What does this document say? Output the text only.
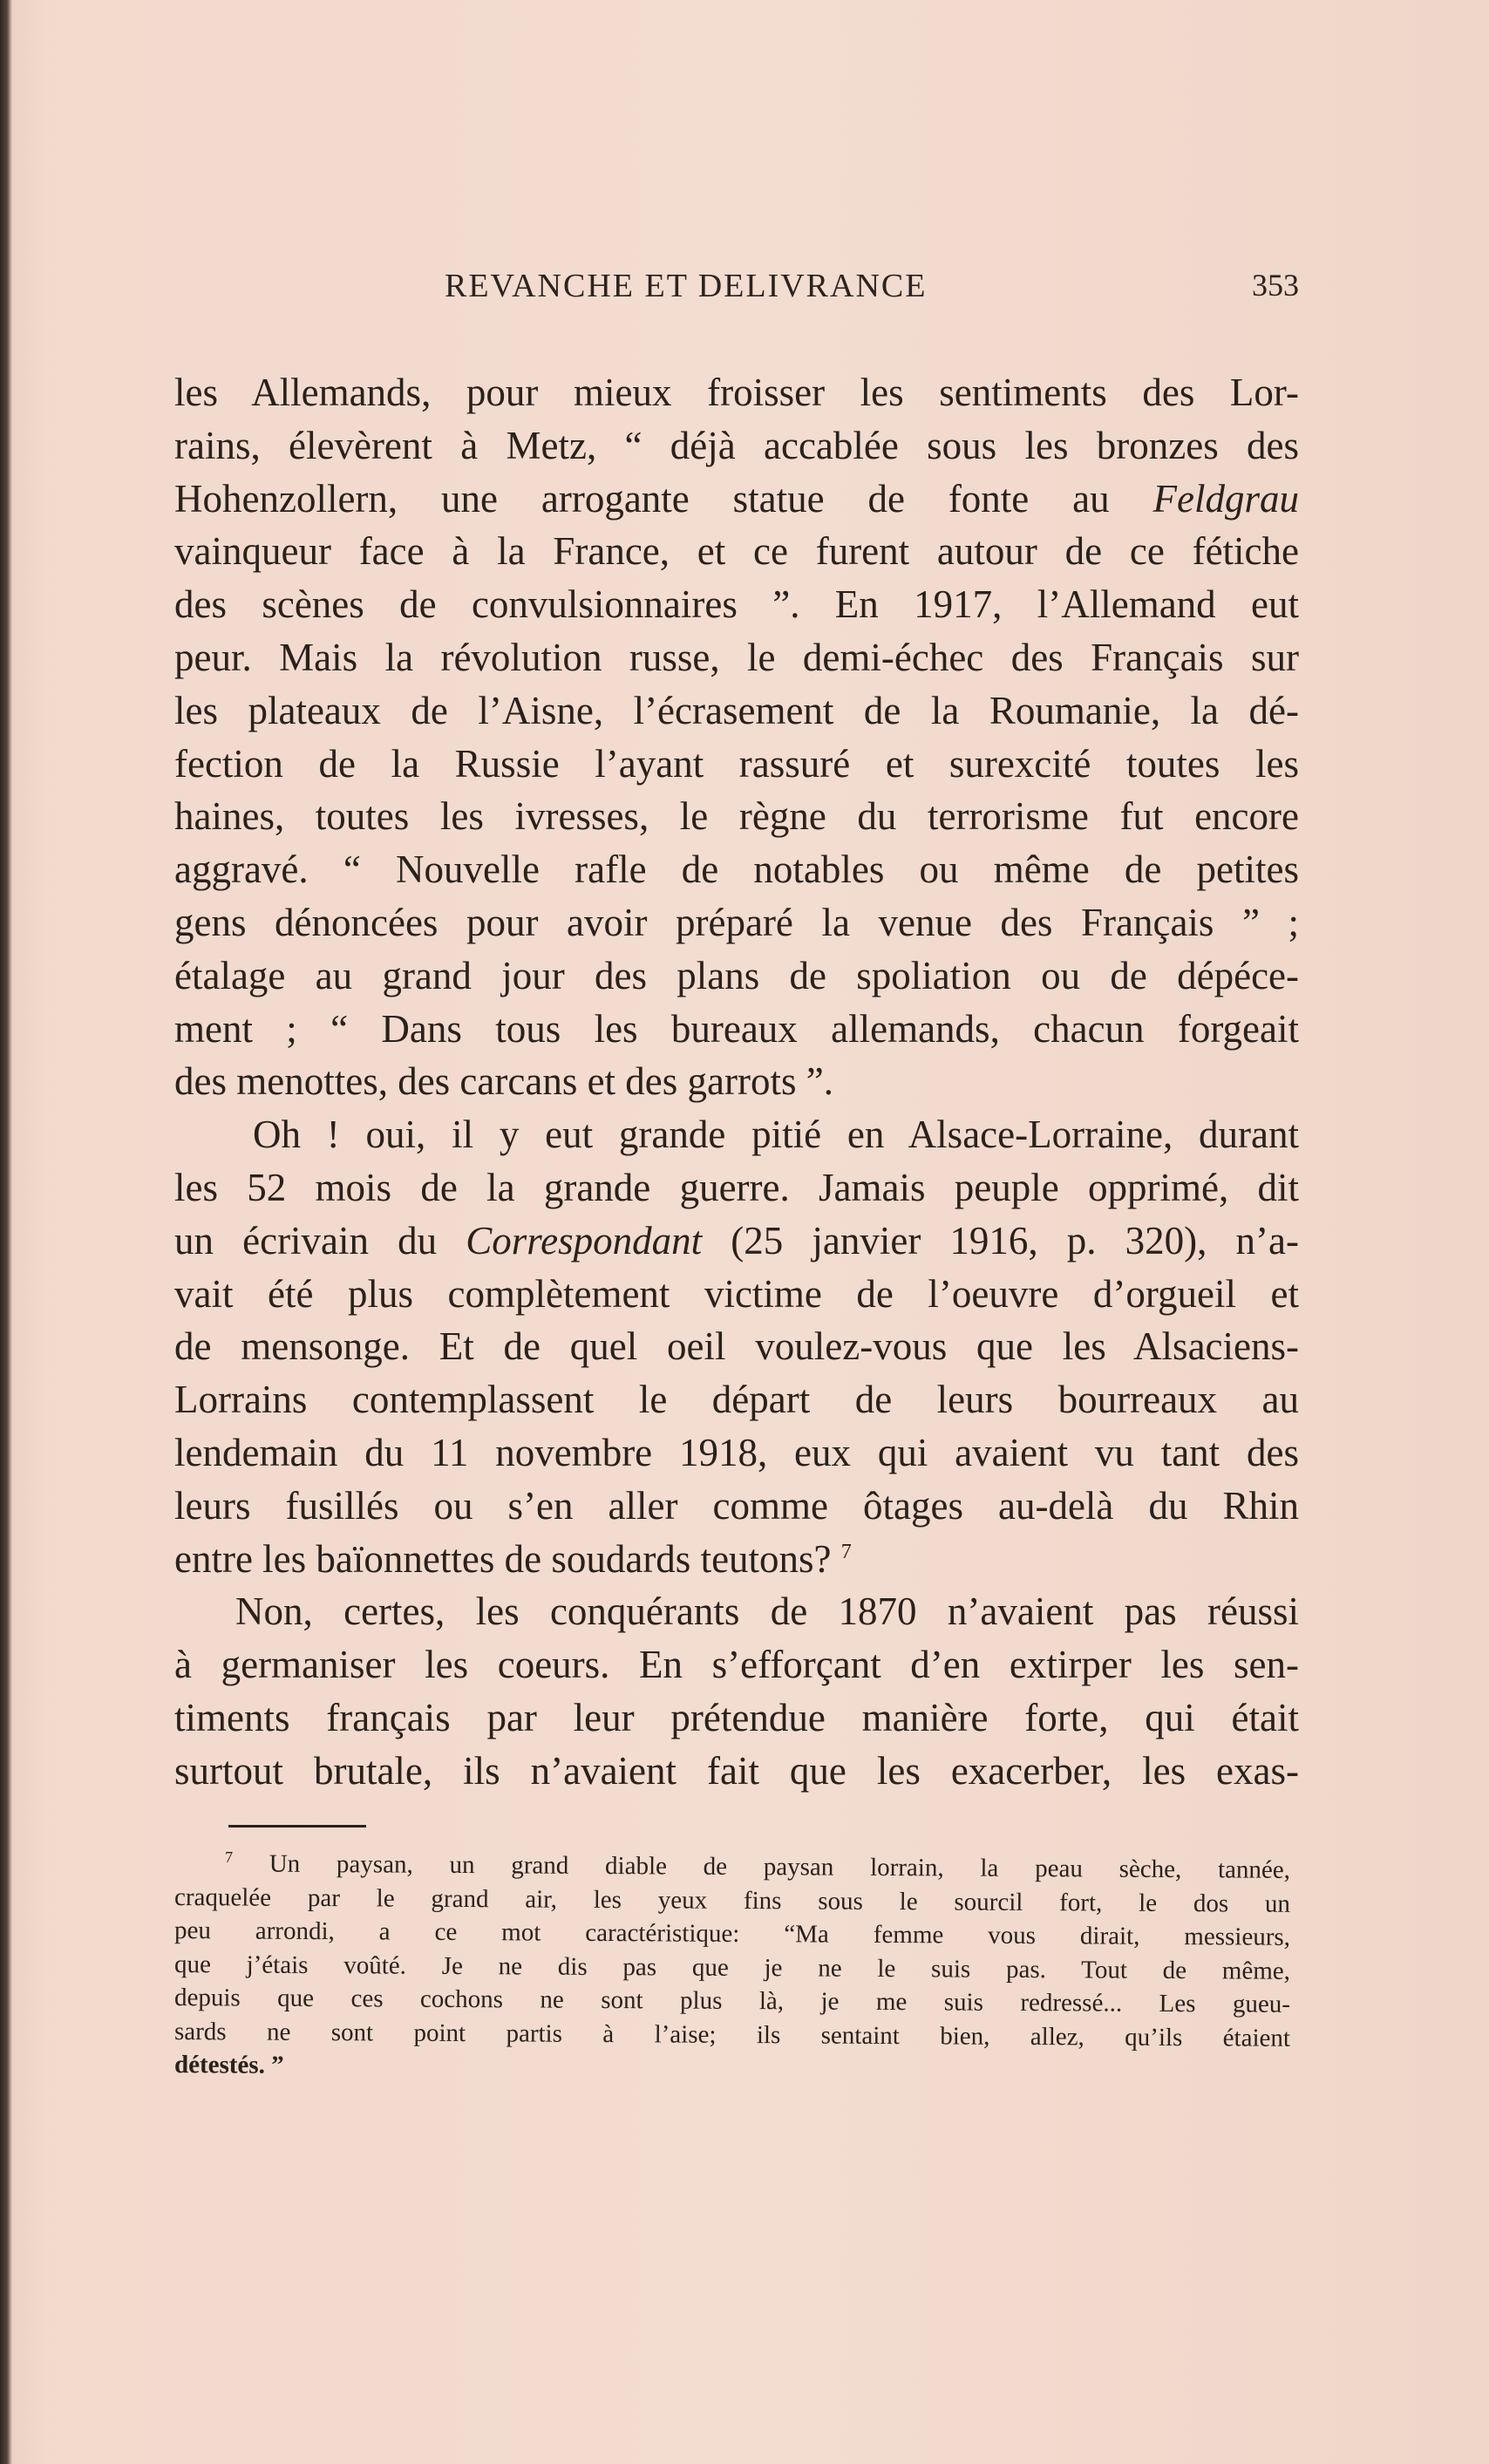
REVANCHE ET DELIVRANCE	353
les Allemands, pour mieux froisser les sentiments des Lor-
rains, élevèrent à Metz, “ déjà accablée sous les bronzes des
Hohenzollern, une arrogante statue de fonte au Feldgrau
vainqueur face à la France, et ce furent autour de ce fétiche
des scènes de convulsionnaires ”. En 1917, l’Allemand eut
peur. Mais la révolution russe, le demi-échec des Français sur
les plateaux de l’Aisne, l’écrasement de la Roumanie, la dé-
fection de la Russie l’ayant rassuré et surexcité toutes les
haines, toutes les ivresses, le règne du terrorisme fut encore
aggravé. “ Nouvelle rafle de notables ou même de petites
gens dénoncées pour avoir préparé la venue des Français ” ;
étalage au grand jour des plans de spoliation ou de dépéce-
ment ; “ Dans tous les bureaux allemands, chacun forgeait
des menottes, des carcans et des garrots ”.
Oh ! oui, il y eut grande pitié en Alsace-Lorraine, durant
les 52 mois de la grande guerre. Jamais peuple opprimé, dit
un écrivain du Correspondant (25 janvier 1916, p. 320), n’a-
vait été plus complètement victime de l’oeuvre d’orgueil et
de mensonge. Et de quel oeil voulez-vous que les Alsaciens-
Lorrains contemplassent le départ de leurs bourreaux au
lendemain du 11 novembre 1918, eux qui avaient vu tant des
leurs fusillés ou s’en aller comme ôtages au-delà du Rhin
entre les baïonnettes de soudards teutons? $^7$
Non, certes, les conquérants de 1870 n’avaient pas réussi
à germaniser les coeurs. En s’efforçant d’en extirper les sen-
timents français par leur prétendue manière forte, qui était
surtout brutale, ils n’avaient fait que les exacerber, les exas-
$^7$ Un paysan, un grand diable de paysan lorrain, la peau sèche, tannée,
craquelée par le grand air, les yeux fins sous le sourcil fort, le dos un
peu arrondi, a ce mot caractéristique: “Ma femme vous dirait, messieurs,
que j’étais voûté. Je ne dis pas que je ne le suis pas. Tout de même,
depuis que ces cochons ne sont plus là, je me suis redressé... Les gueu-
sards ne sont point partis à l’aise; ils sentaint bien, allez, qu’ils étaient
détestés. ”
